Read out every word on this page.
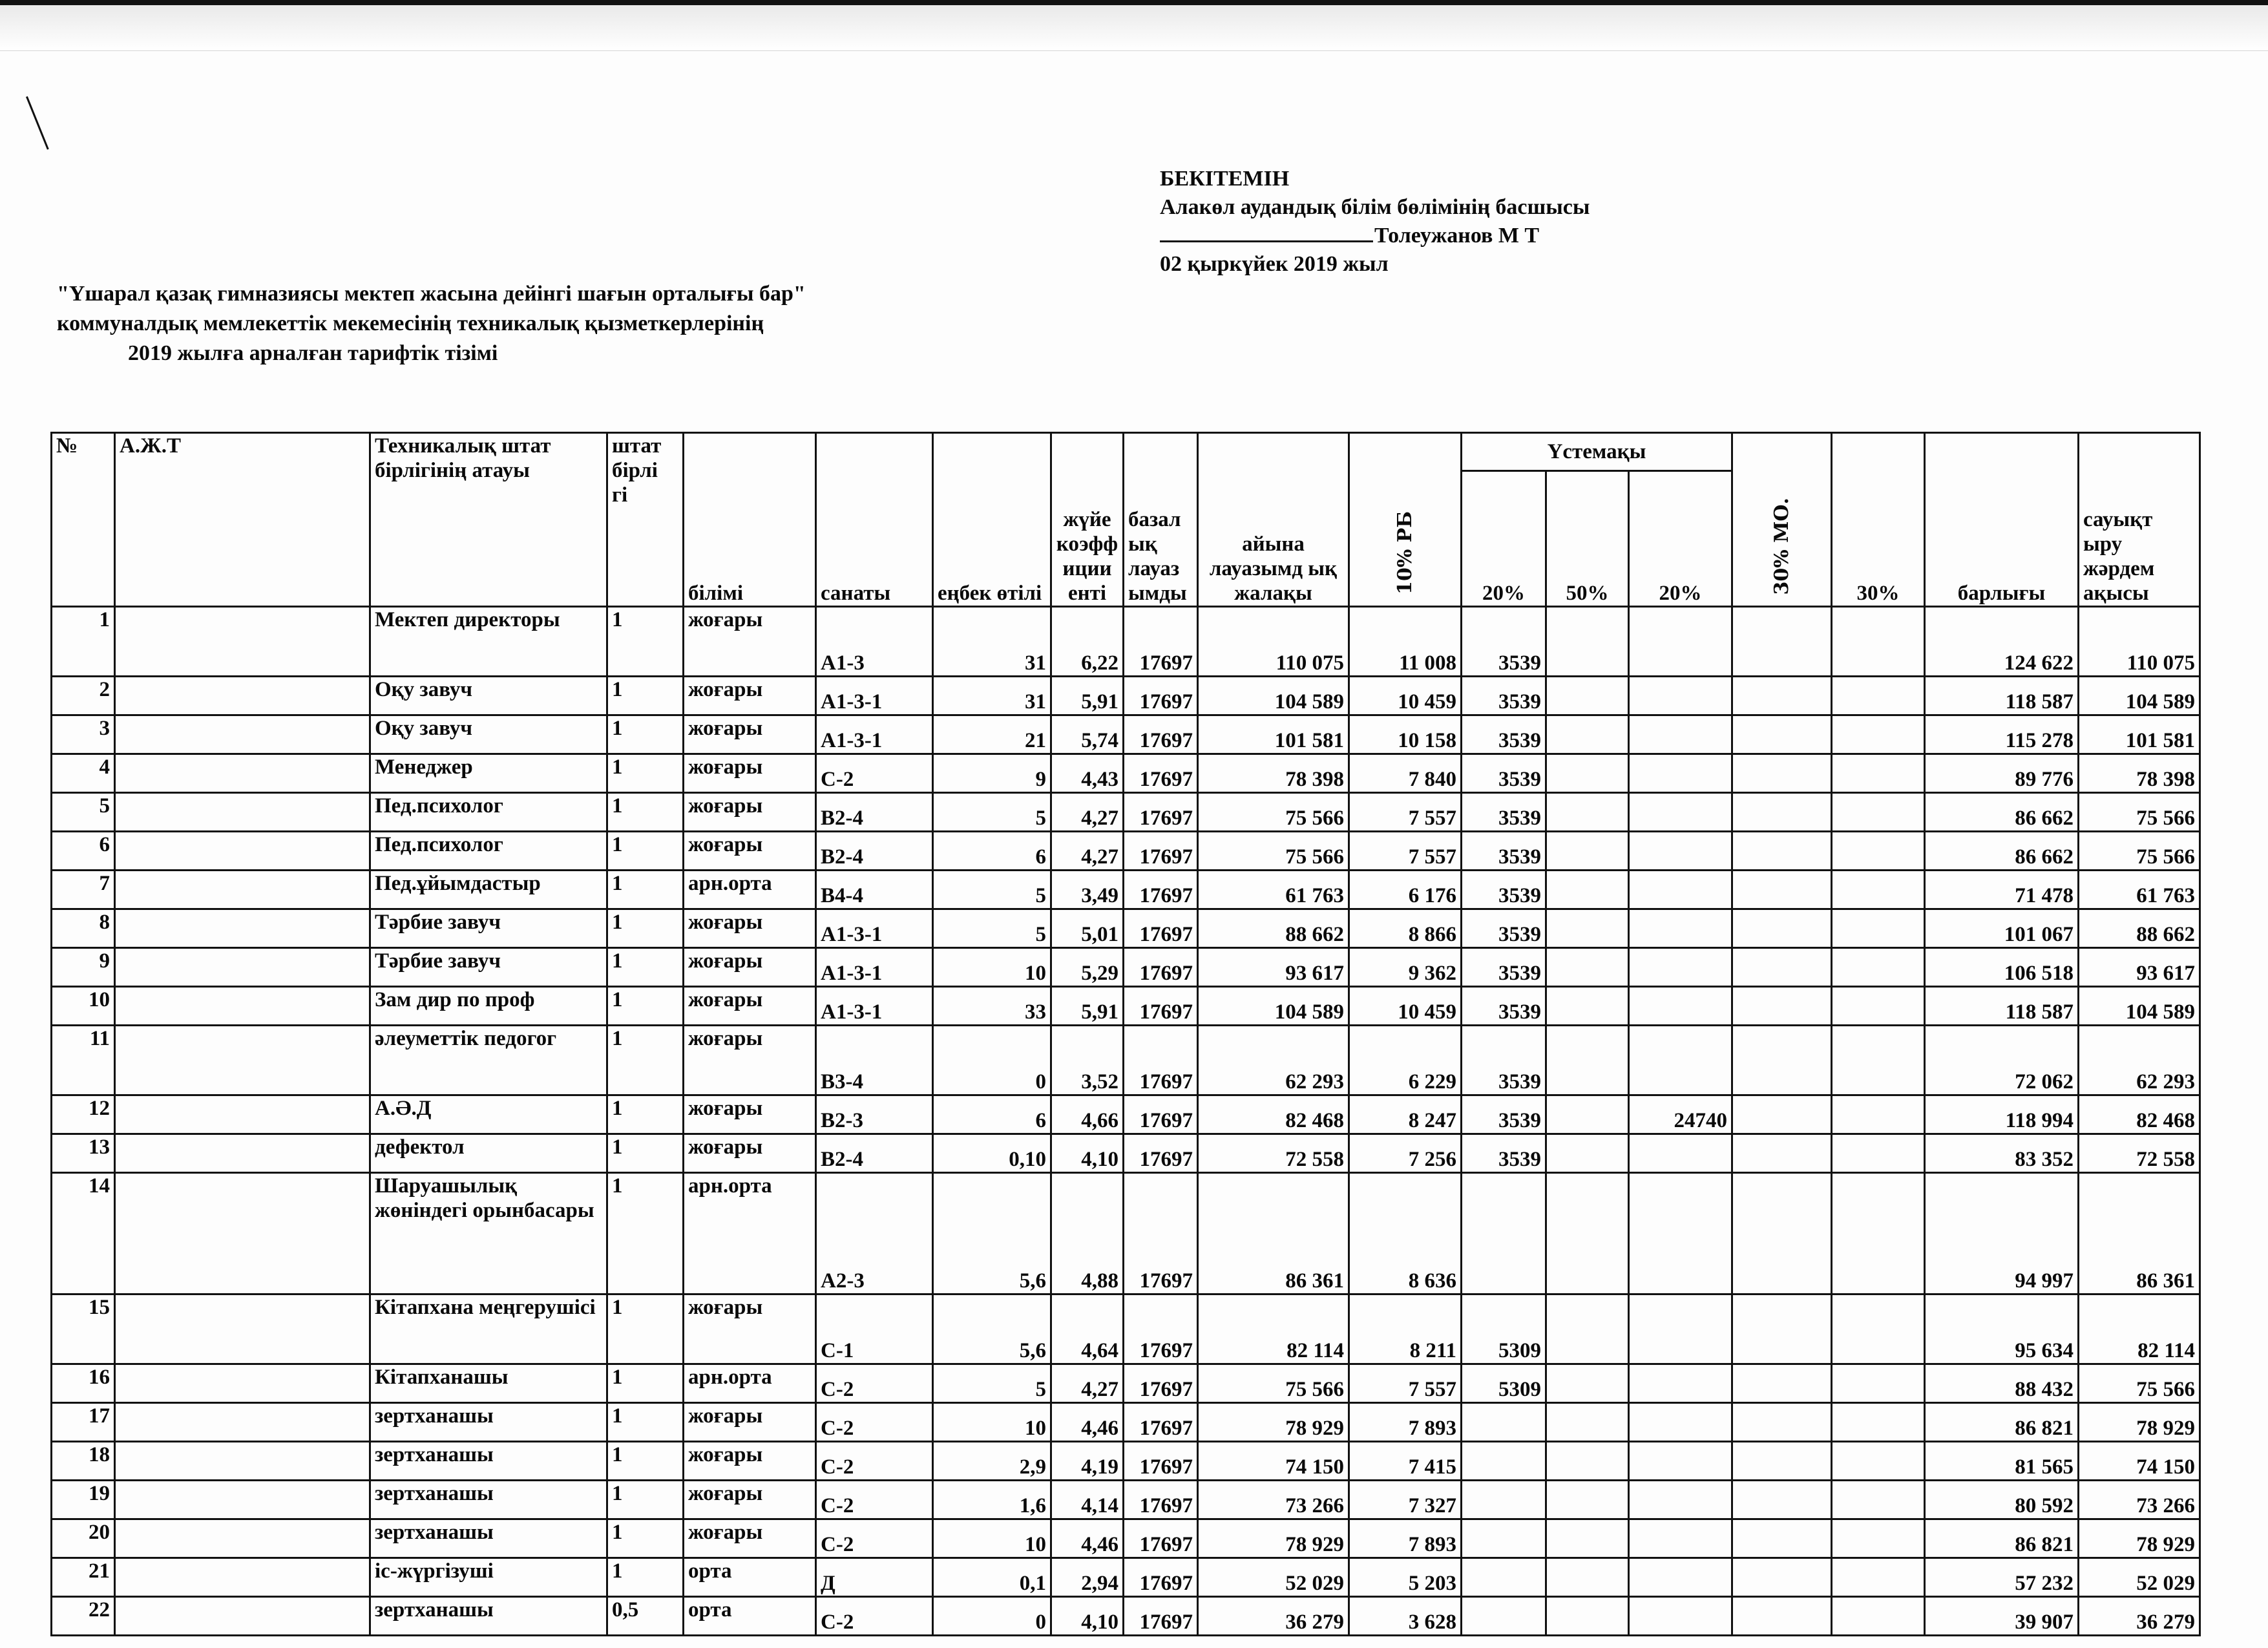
БЕКІТЕМІН
Алакөл аудандық білім бөлімінің басшысы
Толеужанов М Т
02 қыркүйек 2019 жыл
"Үшарал қазақ гимназиясы мектеп жасына дейінгі шағын орталығы бар"
коммуналдық мемлекеттік мекемесінің техникалық қызметкерлерінің
2019 жылға арналған тарифтік тізімі
№	А.Ж.Т	Техникалық штат бірлігінің атауы	штат бірлі гі	білімі	санаты	еңбек өтілі	жүйе коэфф иции енті	базал ық лауаз ымды	айына лауазымд ық жалақы	10% РБ	Үстемақы			30% МО.	30%	барлығы	сауықт ыру жәрдем ақысы
											20%	50%	20%				
1		Мектеп директоры	1	жоғары	А1-3	31	6,22	17697	110 075	11 008	3539					124 622	110 075
2		Оқу завуч	1	жоғары	А1-3-1	31	5,91	17697	104 589	10 459	3539					118 587	104 589
3		Оқу завуч	1	жоғары	А1-3-1	21	5,74	17697	101 581	10 158	3539					115 278	101 581
4		Менеджер	1	жоғары	С-2	9	4,43	17697	78 398	7 840	3539					89 776	78 398
5		Пед.психолог	1	жоғары	В2-4	5	4,27	17697	75 566	7 557	3539					86 662	75 566
6		Пед.психолог	1	жоғары	В2-4	6	4,27	17697	75 566	7 557	3539					86 662	75 566
7		Пед.ұйымдастыр	1	арн.орта	В4-4	5	3,49	17697	61 763	6 176	3539					71 478	61 763
8		Тәрбие завуч	1	жоғары	А1-3-1	5	5,01	17697	88 662	8 866	3539					101 067	88 662
9		Тәрбие завуч	1	жоғары	А1-3-1	10	5,29	17697	93 617	9 362	3539					106 518	93 617
10		Зам дир по проф	1	жоғары	А1-3-1	33	5,91	17697	104 589	10 459	3539					118 587	104 589
11		әлеуметтік педогог	1	жоғары	В3-4	0	3,52	17697	62 293	6 229	3539					72 062	62 293
12		А.Ә.Д	1	жоғары	В2-3	6	4,66	17697	82 468	8 247	3539		24740			118 994	82 468
13		дефектол	1	жоғары	В2-4	0,10	4,10	17697	72 558	7 256	3539					83 352	72 558
14		Шаруашылық жөніндегі орынбасары	1	арн.орта	А2-3	5,6	4,88	17697	86 361	8 636						94 997	86 361
15		Кітапхана меңгерушісі	1	жоғары	С-1	5,6	4,64	17697	82 114	8 211	5309					95 634	82 114
16		Кітапханашы	1	арн.орта	С-2	5	4,27	17697	75 566	7 557	5309					88 432	75 566
17		зертханашы	1	жоғары	С-2	10	4,46	17697	78 929	7 893						86 821	78 929
18		зертханашы	1	жоғары	С-2	2,9	4,19	17697	74 150	7 415						81 565	74 150
19		зертханашы	1	жоғары	С-2	1,6	4,14	17697	73 266	7 327						80 592	73 266
20		зертханашы	1	жоғары	С-2	10	4,46	17697	78 929	7 893						86 821	78 929
21		іс-жүргізуші	1	орта	Д	0,1	2,94	17697	52 029	5 203						57 232	52 029
22		зертханашы	0,5	орта	С-2	0	4,10	17697	36 279	3 628						39 907	36 279
